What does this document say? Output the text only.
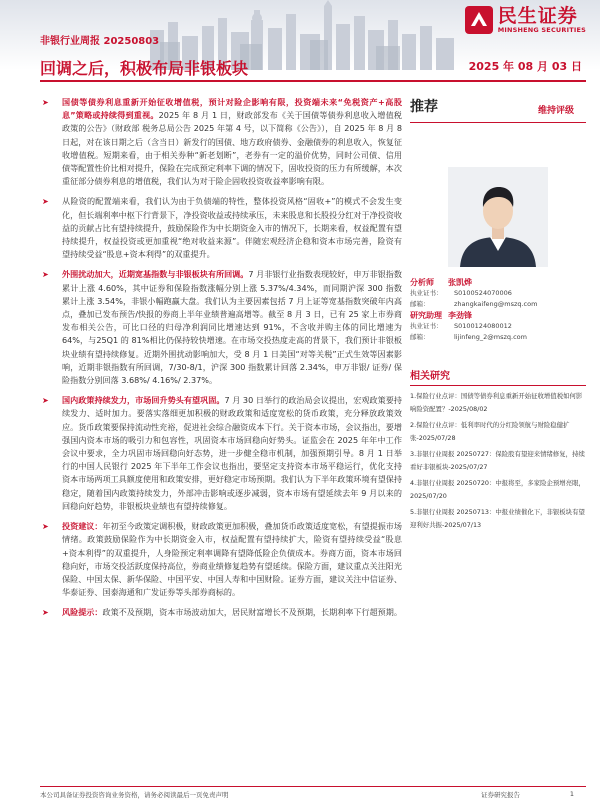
民生证券
MINSHENG SECURITIES
非银行业周报 20250803
回调之后，积极布局非银板块	2025 年 08 月 03 日
➤ 国债等债券利息重新开始征收增值税，预计对险企影响有限，投资端未来“免税资产+高股息”策略或持续得到重视。2025 年 8 月 1 日，财政部发布《关于国债等债券利息收入增值税政策的公告》（财政部 税务总局公告 2025 年第 4 号，以下简称《公告》），自 2025 年 8 月 8 日起，对在该日期之后（含当日）新发行的国债、地方政府债券、金融债券的利息收入，恢复征收增值税。短期来看，由于相关券种“新老划断”，老券有一定的溢价优势，同时公司债、信用债等配置性价比相对提升，保险在完成预定利率下调的情况下，固收投资的压力有所缓解，本次重征部分债券利息的增值税，我们认为对于险企固收投资收益率影响有限。
➤ 从险资的配置端来看，我们认为由于负债端的特性，整体投资风格“固收+”的模式不会发生变化，但长端利率中枢下行背景下，净投资收益或持续承压，未来股息和长股投分红对于净投资收益的贡献占比有望持续提升，鼓励保险作为中长期资金入市的情况下，长期来看，权益配置有望持续提升，权益投资或更加重视“绝对收益来源”。伴随宏观经济企稳和资本市场完善，险资有望持续受益“股息+资本利得”的双重提升。
➤ 外围扰动加大，近期宽基指数与非银板块有所回调。7 月非银行业指数表现较好，申万非银指数累计上涨 4.60%，其中证券和保险指数涨幅分别上涨 5.37%/4.34%，而同期沪深 300 指数累计上涨 3.54%，非银小幅跑赢大盘。我们认为主要因素包括 7 月上证等宽基指数突破年内高点，叠加已发布预告/快报的券商上半年业绩普遍高增等。截至 8 月 3 日，已有 25 家上市券商发布相关公告，可比口径的归母净利润同比增速达到 91%，不含收并购主体的同比增速为 64%，与25Q1 的 81%相比仍保持较快增速。在市场交投热度走高的背景下，我们预计非银板块业绩有望持续修复。近期外围扰动影响加大，受 8 月 1 日美国“对等关税”正式生效等因素影响，近期非银指数有所回调，7/30-8/1，沪深 300 指数累计回落 2.34%，申万非银/ 证券/ 保险指数分别回落 3.68%/ 4.16%/ 2.37%。
➤ 国内政策持续发力，市场回升势头有望巩固。7 月 30 日举行的政治局会议提出，宏观政策要持续发力、适时加力。要落实落细更加积极的财政政策和适度宽松的货币政策，充分释放政策效应。货币政策要保持流动性充裕，促进社会综合融资成本下行。关于资本市场，会议指出，要增强国内资本市场的吸引力和包容性，巩固资本市场回稳向好势头。证监会在 2025 年年中工作会议中要求，全力巩固市场回稳向好态势，进一步健全稳市机制，加强预期引导。8 月 1 日举行的中国人民银行 2025 年下半年工作会议也指出，要坚定支持资本市场平稳运行，优化支持资本市场两项工具额度使用和政策安排，更好稳定市场预期。我们认为下半年政策环境有望保持稳定，随着国内政策持续发力，外部冲击影响或逐步减弱，资本市场有望延续去年 9 月以来的回稳向好趋势，非银板块业绩也有望持续修复。
➤ 投资建议：年初至今政策定调积极，财政政策更加积极，叠加货币政策适度宽松，有望提振市场情绪。政策鼓励保险作为中长期资金入市，权益配置有望持续扩大，险资有望持续受益“股息+资本利得”的双重提升，人身险预定利率调降有望降低险企负债成本。券商方面，资本市场回稳向好，市场交投活跃度保持高位，券商业绩修复趋势有望延续。保险方面，建议重点关注阳光保险、中国太保、新华保险、中国平安、中国人寿和中国财险。证券方面，建议关注中信证券、华泰证券、国泰海通和广发证券等头部券商标的。
➤ 风险提示：政策不及预期，资本市场波动加大，居民财富增长不及预期，长期利率下行超预期。
推荐	维持评级
分析师	张凯烨
执业证书：	S0100524070006
邮箱：	zhangkaifeng@mszq.com
研究助理 李劲锋
执业证书：	S0100124080012
邮箱：	lijinfeng_2@mszq.com
相关研究
1.保险行业点评：国债等债券利息重新开始征收增值税如何影响险资配置？-2025/08/02
2.保险行业点评：低利率时代的分红险领航与财险稳健扩张-2025/07/28
3.非银行业周报 20250727：保险股有望迎来情绪修复，持续看好非银板块-2025/07/27
4.非银行业周报 20250720：中报将至，多家险企预增亮眼，2025/07/20
5.非银行业周报 20250713：中报业绩催化下，非银板块有望迎利好共振-2025/07/13
本公司具备证券投资咨询业务资格，请务必阅读最后一页免责声明	证券研究报告	1
